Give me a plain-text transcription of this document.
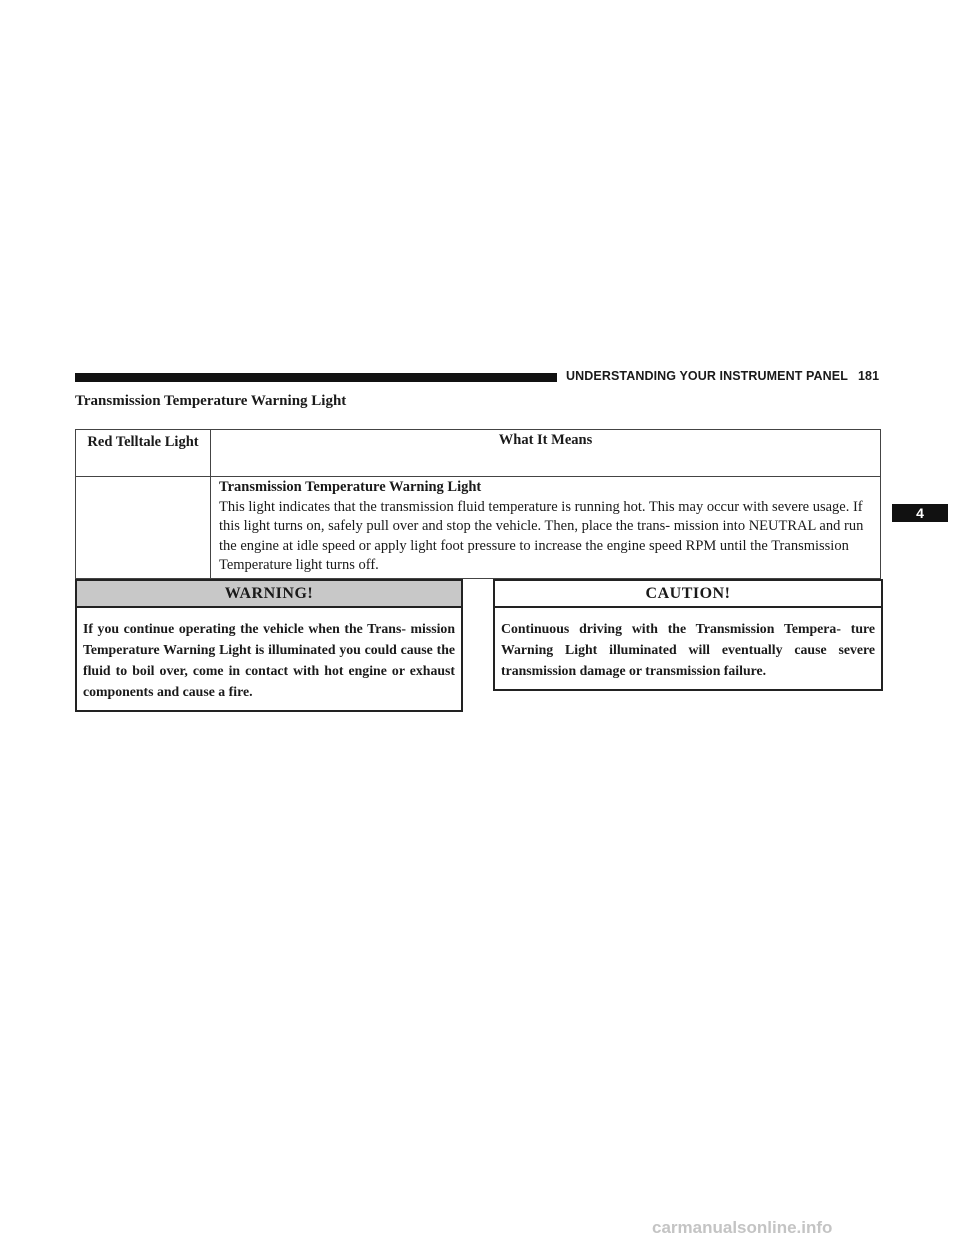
UNDERSTANDING YOUR INSTRUMENT PANEL 181
4
Transmission Temperature Warning Light
Red Telltale Light	What It Means

	Transmission Temperature Warning Light
This light indicates that the transmission fluid temperature is running hot. This may occur with severe usage. If this light turns on, safely pull over and stop the vehicle. Then, place the trans- mission into NEUTRAL and run the engine at idle speed or apply light foot pressure to increase the engine speed RPM until the Transmission Temperature light turns off.
WARNING!
If you continue operating the vehicle when the Trans- mission Temperature Warning Light is illuminated you could cause the fluid to boil over, come in contact with hot engine or exhaust components and cause a fire.
CAUTION!
Continuous driving with the Transmission Tempera- ture Warning Light illuminated will eventually cause severe transmission damage or transmission failure.
carmanualsonline.info
